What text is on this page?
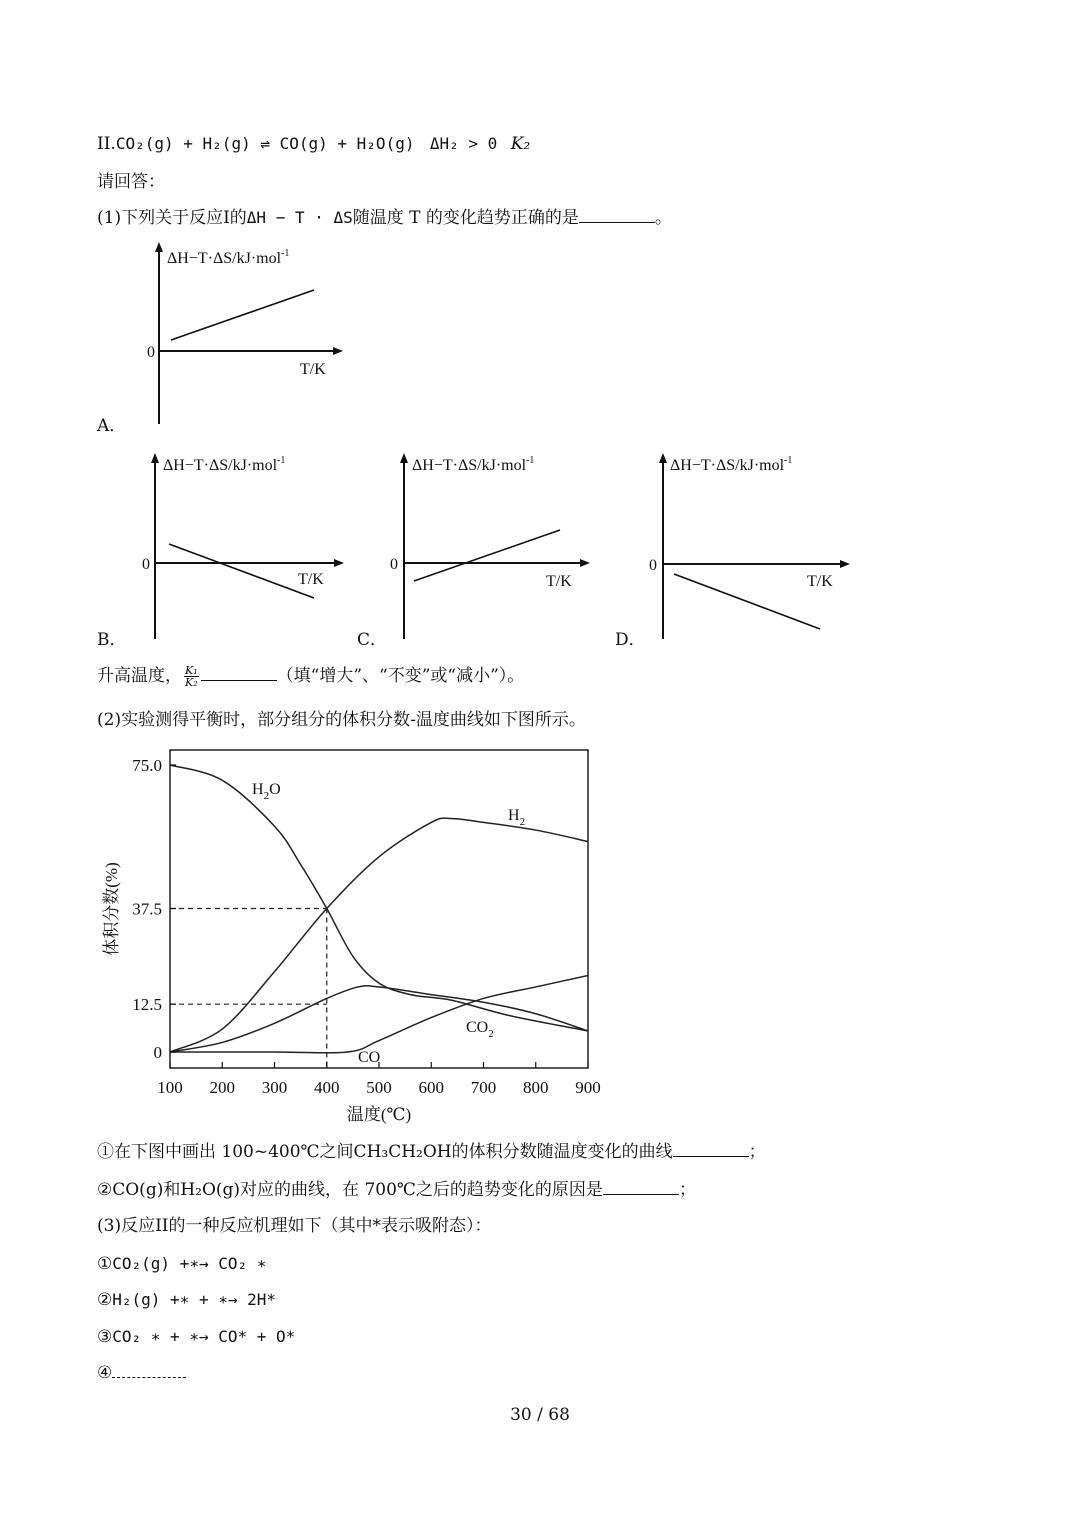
II.CO₂(g) + H₂(g) ⇌ CO(g) + H₂O(g) ΔH₂ > 0 K₂
请回答：
(1)下列关于反应I的ΔH − T · ΔS随温度 T 的变化趋势正确的是	。
ΔH−T·ΔS/kJ·mol$^{-1}$
0
T/K
A．
ΔH−T·ΔS/kJ·mol$^{-1}$
0
T/K
B．
ΔH−T·ΔS/kJ·mol$^{-1}$
0
T/K
C．
ΔH−T·ΔS/kJ·mol$^{-1}$
0
T/K
D．
升高温度， $\frac{\text{K₁}}{\text{K₂}}$	（填“增大”、“不变”或“减小”）。
(2)实验测得平衡时，部分组分的体积分数-温度曲线如下图所示。
0
12.5
37.5
75.0
100 200 300 400 500 600 700 800 900
$H_2O$
$H_2$
$CO_2$
CO
温度(℃)
体积分数(%)
①在下图中画出 100~400℃之间CH₃CH₂OH的体积分数随温度变化的曲线	；
②CO(g)和H₂O(g)对应的曲线，在 700℃之后的趋势变化的原因是	；
(3)反应II的一种反应机理如下（其中*表示吸附态）：
①CO₂(g) +∗→ CO₂ ∗
②H₂(g) +∗ + ∗→ 2H*
③CO₂ ∗ + ∗→ CO* + O*
④
30 / 68
